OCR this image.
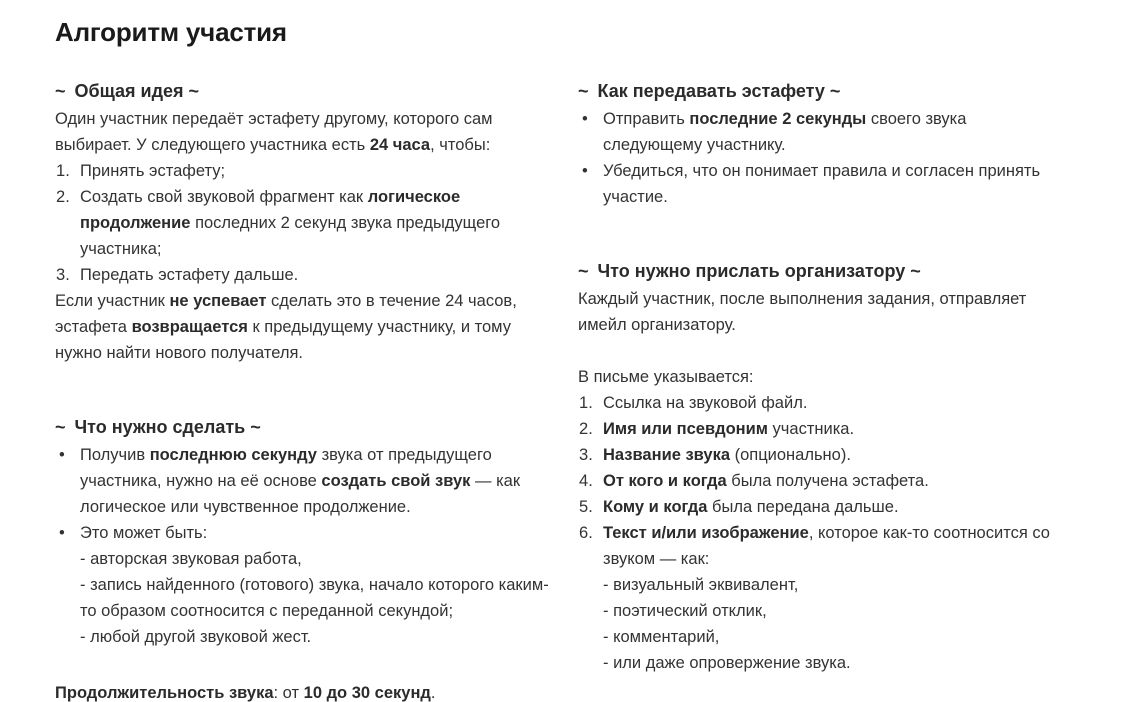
Алгоритм участия
~ Общая идея ~

Один участник передаёт эстафету другому, которого сам выбирает. У следующего участника есть 24 часа, чтобы:

Принять эстафету;
Создать свой звуковой фрагмент как логическое продолжение последних 2 секунд звука предыдущего участника;
Передать эстафету дальше.

Если участник не успевает сделать это в течение 24 часов, эстафета возвращается к предыдущему участнику, и тому нужно найти нового получателя.

~ Что нужно сделать ~
• Получив последнюю секунду звука от предыдущего участника, нужно на её основе создать свой звук — как логическое или чувственное продолжение.
• Это может быть:
- авторская звуковая работа,
- запись найденного (готового) звука, начало которого каким-то образом соотносится с переданной секундой;
- любой другой звуковой жест.

Продолжительность звука: от 10 до 30 секунд.

~ Как передавать эстафету ~
• Отправить последние 2 секунды своего звука следующему участнику.
• Убедиться, что он понимает правила и согласен принять участие.
~ Что нужно прислать организатору ~

Каждый участник, после выполнения задания, отправляет имейл организатору.

В письме указывается:

Ссылка на звуковой файл.
Имя или псевдоним участника.
Название звука (опционально).
От кого и когда была получена эстафета.
Кому и когда была передана дальше.
Текст и/или изображение, которое как-то соотносится со звуком — как:
- визуальный эквивалент,
- поэтический отклик,
- комментарий,
- или даже опровержение звука.
